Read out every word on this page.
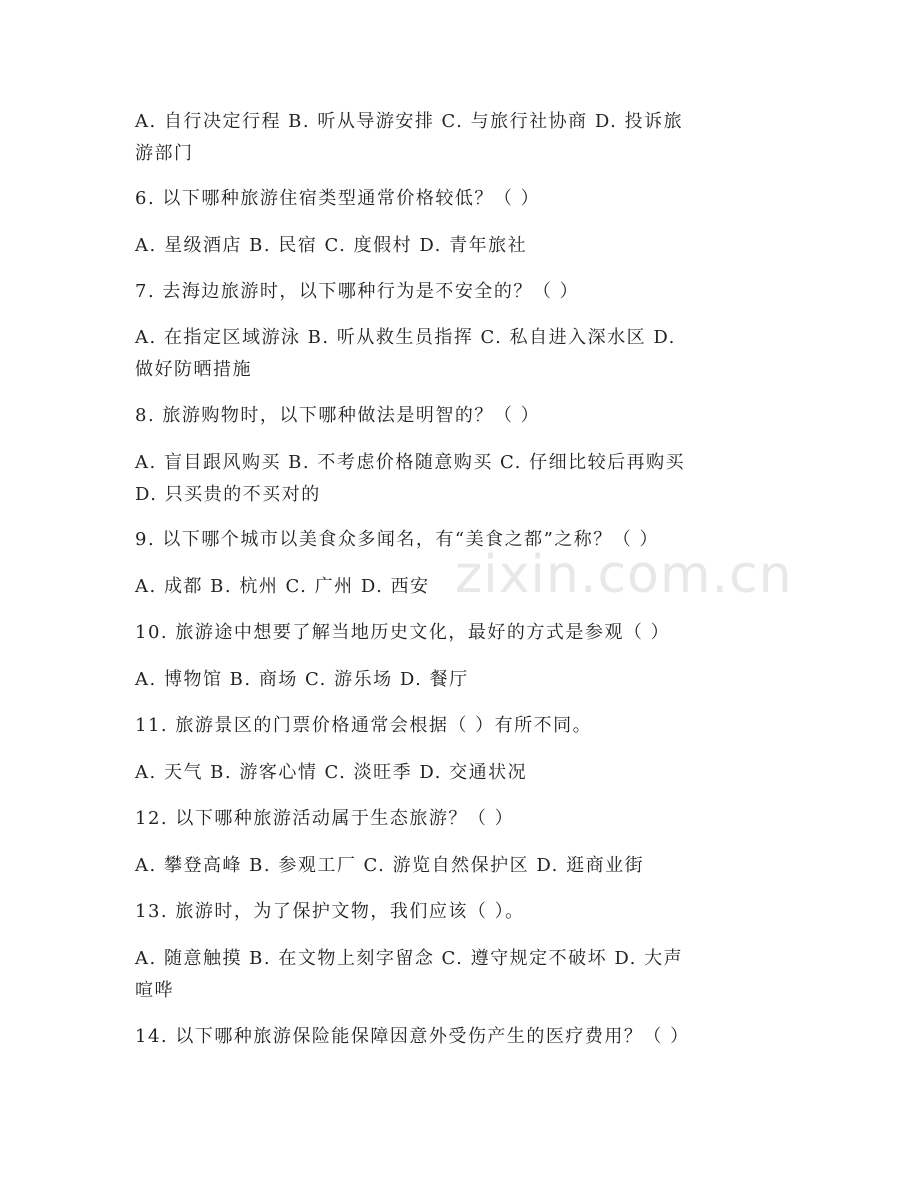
zixin.com.cn
A. 自行决定行程 B. 听从导游安排 C. 与旅行社协商 D. 投诉旅
游部门
6. 以下哪种旅游住宿类型通常价格较低？（ ）
A. 星级酒店 B. 民宿 C. 度假村 D. 青年旅社
7. 去海边旅游时，以下哪种行为是不安全的？（ ）
A. 在指定区域游泳 B. 听从救生员指挥 C. 私自进入深水区 D.
做好防晒措施
8. 旅游购物时，以下哪种做法是明智的？（ ）
A. 盲目跟风购买 B. 不考虑价格随意购买 C. 仔细比较后再购买
D. 只买贵的不买对的
9. 以下哪个城市以美食众多闻名，有“美食之都”之称？（ ）
A. 成都 B. 杭州 C. 广州 D. 西安
10. 旅游途中想要了解当地历史文化，最好的方式是参观（ ）
A. 博物馆 B. 商场 C. 游乐场 D. 餐厅
11. 旅游景区的门票价格通常会根据（ ）有所不同。
A. 天气 B. 游客心情 C. 淡旺季 D. 交通状况
12. 以下哪种旅游活动属于生态旅游？（ ）
A. 攀登高峰 B. 参观工厂 C. 游览自然保护区 D. 逛商业街
13. 旅游时，为了保护文物，我们应该（ ）。
A. 随意触摸 B. 在文物上刻字留念 C. 遵守规定不破坏 D. 大声
喧哗
14. 以下哪种旅游保险能保障因意外受伤产生的医疗费用？（ ）
